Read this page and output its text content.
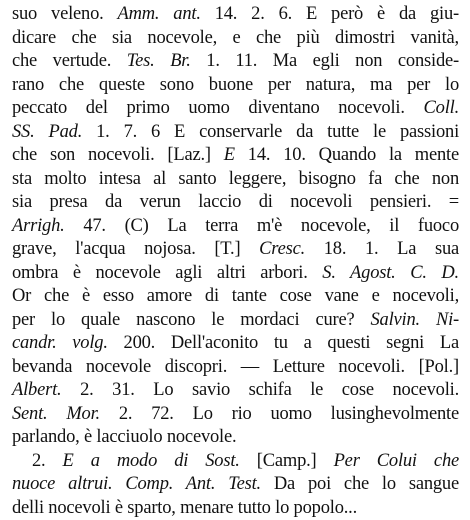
suo veleno. Amm. ant. 14. 2. 6. E però è da giu-
dicare che sia nocevole, e che più dimostri vanità,
che vertude. Tes. Br. 1. 11. Ma egli non conside-
rano che queste sono buone per natura, ma per lo
peccato del primo uomo diventano nocevoli. Coll.
SS. Pad. 1. 7. 6 E conservarle da tutte le passioni
che son nocevoli. [Laz.] E 14. 10. Quando la mente
sta molto intesa al santo leggere, bisogno fa che non
sia presa da verun laccio di nocevoli pensieri. =
Arrigh. 47. (C) La terra m'è nocevole, il fuoco
grave, l'acqua nojosa. [T.] Cresc. 18. 1. La sua
ombra è nocevole agli altri arbori. S. Agost. C. D.
Or che è esso amore di tante cose vane e nocevoli,
per lo quale nascono le mordaci cure? Salvin. Ni-
candr. volg. 200. Dell'aconito tu a questi segni La
bevanda nocevole discopri. — Letture nocevoli. [Pol.]
Albert. 2. 31. Lo savio schifa le cose nocevoli.
Sent. Mor. 2. 72. Lo rio uomo lusinghevolmente
parlando, è lacciuolo nocevole.
2. E a modo di Sost. [Camp.] Per Colui che
nuoce altrui. Comp. Ant. Test. Da poi che lo sangue
delli nocevoli è sparto, menare tutto lo popolo...
